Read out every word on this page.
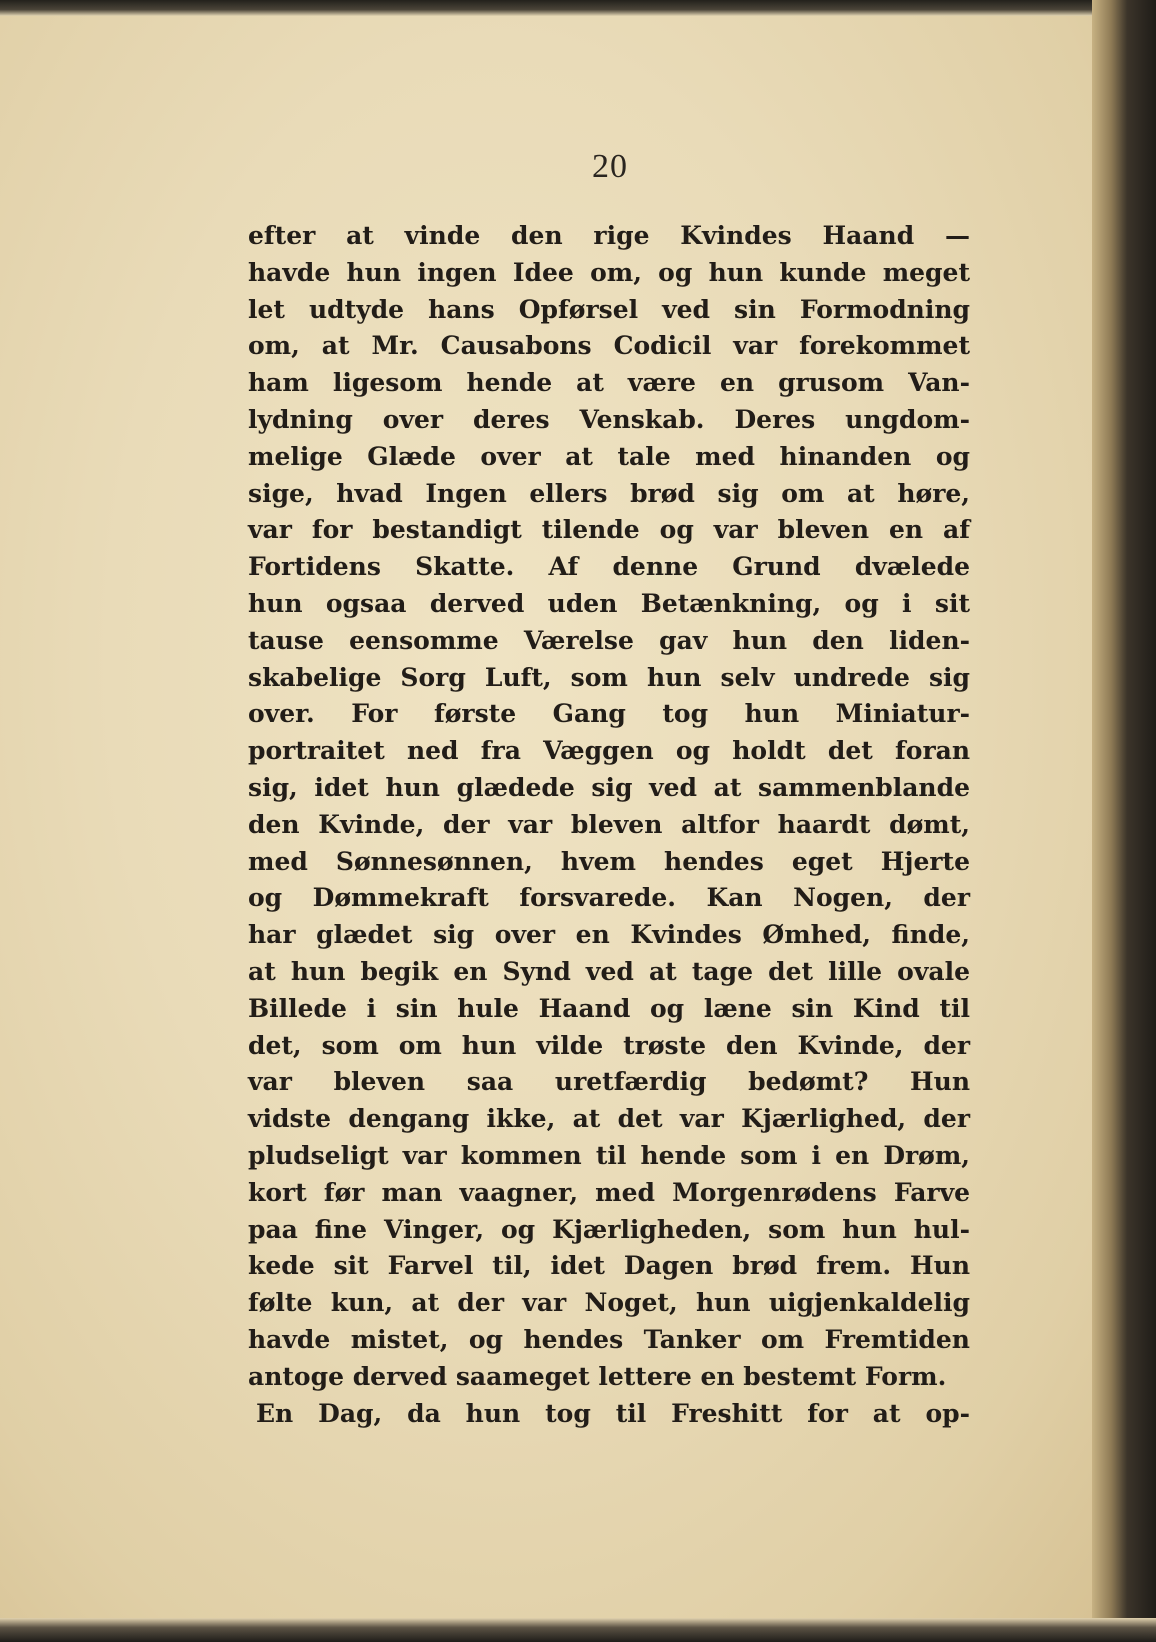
20
efter at vinde den rige Kvindes Haand —
havde hun ingen Idee om, og hun kunde meget
let udtyde hans Opførsel ved sin Formodning
om, at Mr. Causabons Codicil var forekommet
ham ligesom hende at være en grusom Van-
lydning over deres Venskab. Deres ungdom-
melige Glæde over at tale med hinanden og
sige, hvad Ingen ellers brød sig om at høre,
var for bestandigt tilende og var bleven en af
Fortidens Skatte. Af denne Grund dvælede
hun ogsaa derved uden Betænkning, og i sit
tause eensomme Værelse gav hun den liden-
skabelige Sorg Luft, som hun selv undrede sig
over. For første Gang tog hun Miniatur-
portraitet ned fra Væggen og holdt det foran
sig, idet hun glædede sig ved at sammenblande
den Kvinde, der var bleven altfor haardt dømt,
med Sønnesønnen, hvem hendes eget Hjerte
og Dømmekraft forsvarede. Kan Nogen, der
har glædet sig over en Kvindes Ømhed, finde,
at hun begik en Synd ved at tage det lille ovale
Billede i sin hule Haand og læne sin Kind til
det, som om hun vilde trøste den Kvinde, der
var bleven saa uretfærdig bedømt? Hun
vidste dengang ikke, at det var Kjærlighed, der
pludseligt var kommen til hende som i en Drøm,
kort før man vaagner, med Morgenrødens Farve
paa fine Vinger, og Kjærligheden, som hun hul-
kede sit Farvel til, idet Dagen brød frem. Hun
følte kun, at der var Noget, hun uigjenkaldelig
havde mistet, og hendes Tanker om Fremtiden
antoge derved saameget lettere en bestemt Form.
En Dag, da hun tog til Freshitt for at op-
